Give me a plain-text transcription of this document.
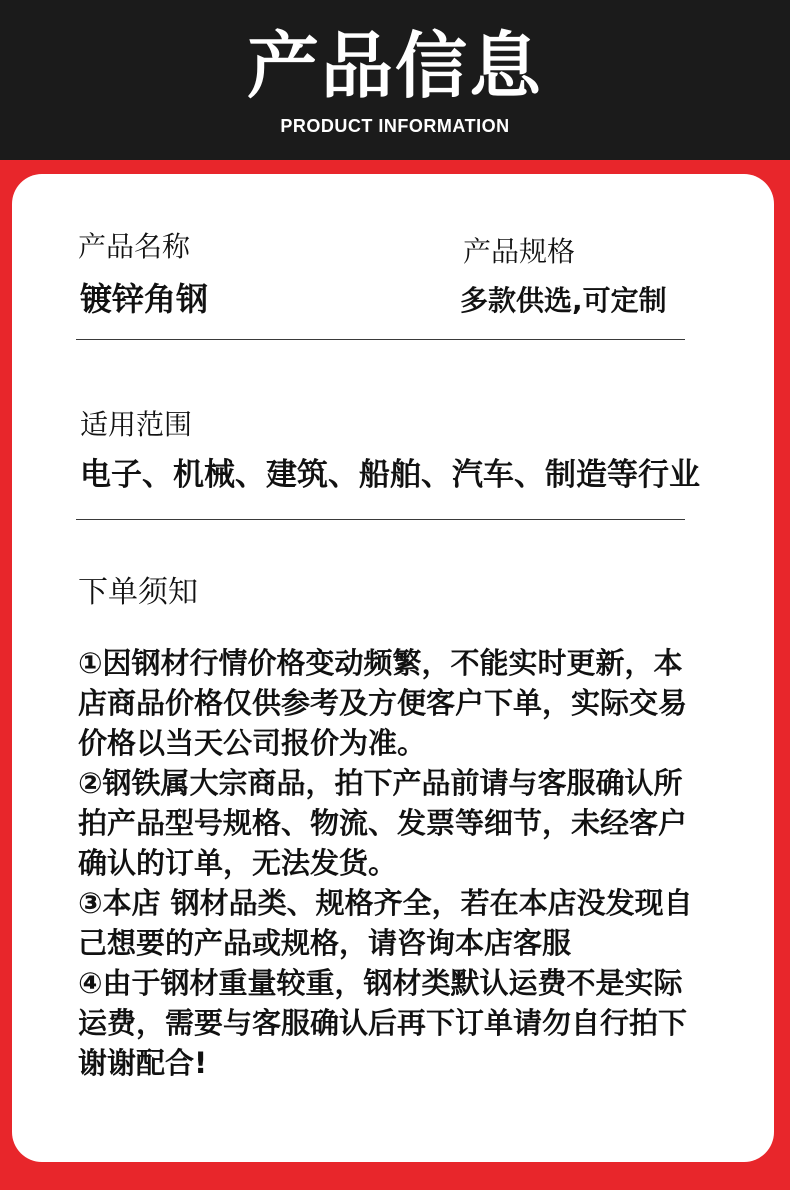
产品信息
PRODUCT INFORMATION
产品名称	产品规格
镀锌角钢	多款供选,可定制
适用范围
电子、机械、建筑、船舶、汽车、制造等行业
下单须知
①因钢材行情价格变动频繁，不能实时更新，本
店商品价格仅供参考及方便客户下单，实际交易
价格以当天公司报价为准。
②钢铁属大宗商品，拍下产品前请与客服确认所
拍产品型号规格、物流、发票等细节，未经客户
确认的订单，无法发货。
③本店 钢材品类、规格齐全，若在本店没发现自
己想要的产品或规格，请咨询本店客服
④由于钢材重量较重，钢材类默认运费不是实际
运费，需要与客服确认后再下订单请勿自行拍下
谢谢配合!
